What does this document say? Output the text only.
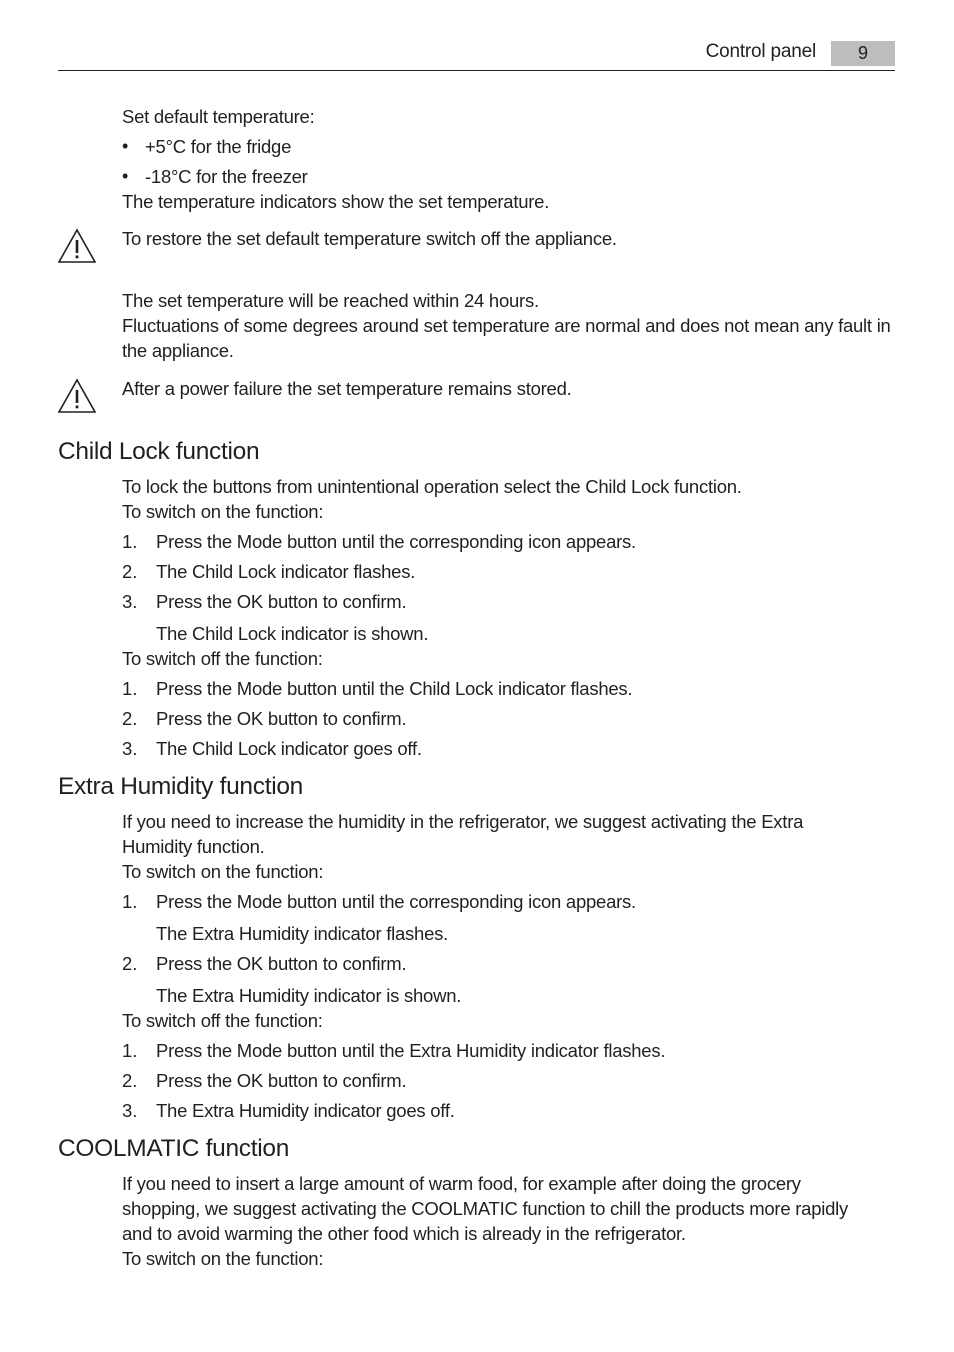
Control panel	9
Set default temperature:
• +5°C for the fridge
• -18°C for the freezer
The temperature indicators show the set temperature.
To restore the set default temperature switch off the appliance.
The set temperature will be reached within 24 hours.
Fluctuations of some degrees around set temperature are normal and does not mean any fault in the appliance.
After a power failure the set temperature remains stored.
Child Lock function
To lock the buttons from unintentional operation select the Child Lock function.
To switch on the function:
1. Press the Mode button until the corresponding icon appears.
2. The Child Lock indicator flashes.
3. Press the OK button to confirm.
The Child Lock indicator is shown.
To switch off the function:
1. Press the Mode button until the Child Lock indicator flashes.
2. Press the OK button to confirm.
3. The Child Lock indicator goes off.
Extra Humidity function
If you need to increase the humidity in the refrigerator, we suggest activating the Extra
Humidity function.
To switch on the function:
1. Press the Mode button until the corresponding icon appears.
The Extra Humidity indicator flashes.
2. Press the OK button to confirm.
The Extra Humidity indicator is shown.
To switch off the function:
1. Press the Mode button until the Extra Humidity indicator flashes.
2. Press the OK button to confirm.
3. The Extra Humidity indicator goes off.
COOLMATIC function
If you need to insert a large amount of warm food, for example after doing the grocery
shopping, we suggest activating the COOLMATIC function to chill the products more rapidly
and to avoid warming the other food which is already in the refrigerator.
To switch on the function:
